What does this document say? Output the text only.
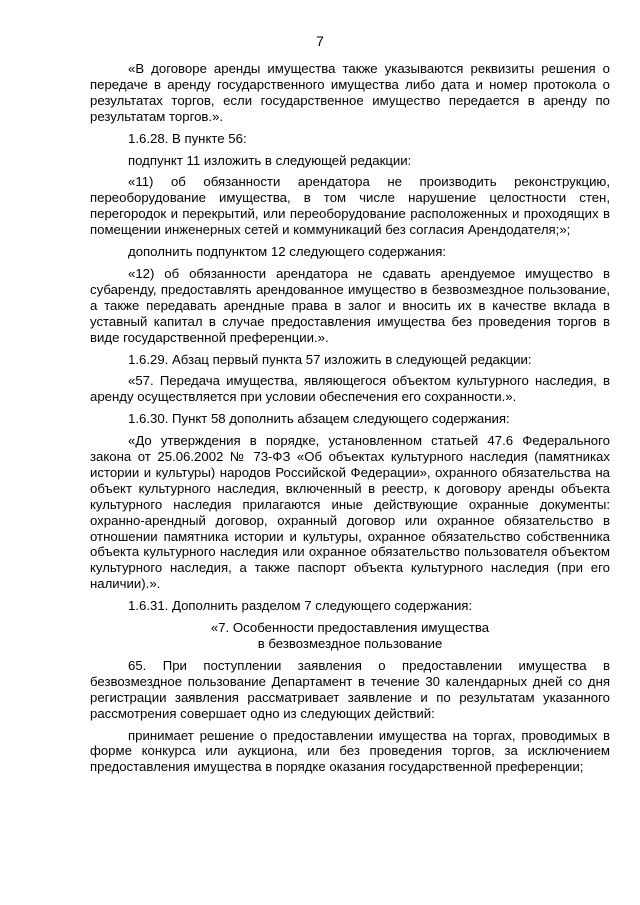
7

«В договоре аренды имущества также указываются реквизиты решения о передаче в аренду государственного имущества либо дата и номер протокола о результатах торгов, если государственное имущество передается в аренду по результатам торгов.».

1.6.28. В пункте 56:

подпункт 11 изложить в следующей редакции:

«11) об обязанности арендатора не производить реконструкцию, переоборудование имущества, в том числе нарушение целостности стен, перегородок и перекрытий, или переоборудование расположенных и проходящих в помещении инженерных сетей и коммуникаций без согласия Арендодателя;»;

дополнить подпунктом 12 следующего содержания:

«12) об обязанности арендатора не сдавать арендуемое имущество в субаренду, предоставлять арендованное имущество в безвозмездное пользование, а также передавать арендные права в залог и вносить их в качестве вклада в уставный капитал в случае предоставления имущества без проведения торгов в виде государственной преференции.».

1.6.29. Абзац первый пункта 57 изложить в следующей редакции:

«57. Передача имущества, являющегося объектом культурного наследия, в аренду осуществляется при условии обеспечения его сохранности.».

1.6.30. Пункт 58 дополнить абзацем следующего содержания:

«До утверждения в порядке, установленном статьей 47.6 Федерального закона от 25.06.2002 № 73-ФЗ «Об объектах культурного наследия (памятниках истории и культуры) народов Российской Федерации», охранного обязательства на объект культурного наследия, включенный в реестр, к договору аренды объекта культурного наследия прилагаются иные действующие охранные документы: охранно-арендный договор, охранный договор или охранное обязательство в отношении памятника истории и культуры, охранное обязательство собственника объекта культурного наследия или охранное обязательство пользователя объектом культурного наследия, а также паспорт объекта культурного наследия (при его наличии).».

1.6.31. Дополнить разделом 7 следующего содержания:

«7. Особенности предоставления имущества
в безвозмездное пользование

65. При поступлении заявления о предоставлении имущества в безвозмездное пользование Департамент в течение 30 календарных дней со дня регистрации заявления рассматривает заявление и по результатам указанного рассмотрения совершает одно из следующих действий:

принимает решение о предоставлении имущества на торгах, проводимых в форме конкурса или аукциона, или без проведения торгов, за исключением предоставления имущества в порядке оказания государственной преференции;
